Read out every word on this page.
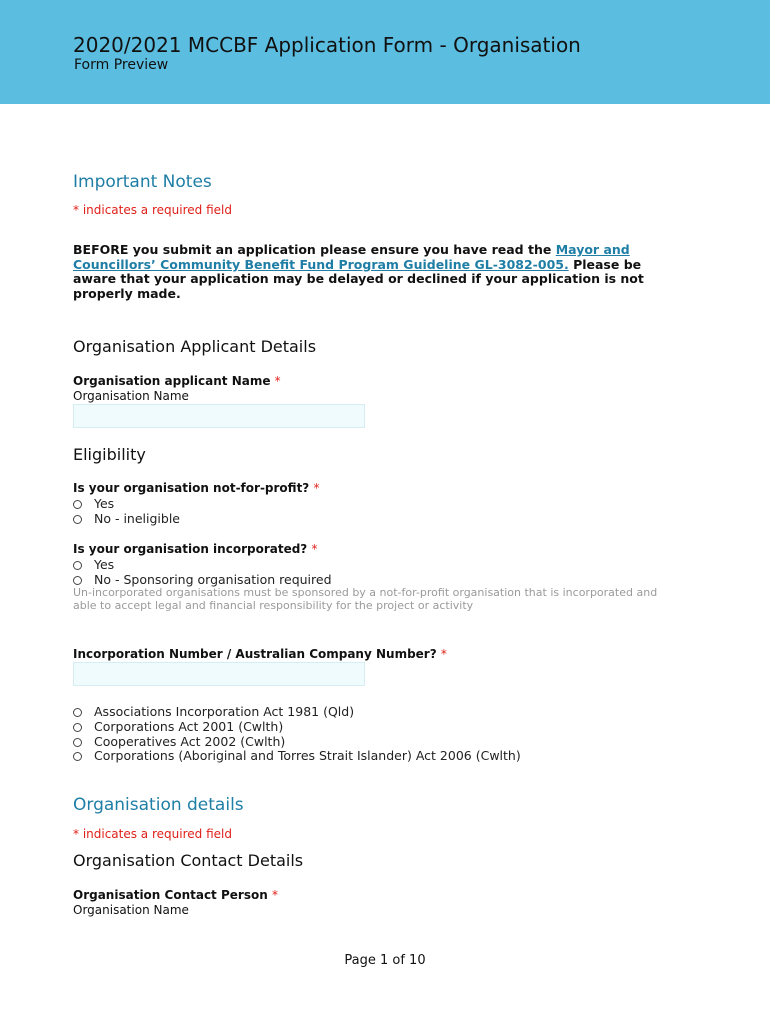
2020/2021 MCCBF Application Form - Organisation
Form Preview
Important Notes
* indicates a required field
BEFORE you submit an application please ensure you have read the Mayor and Councillors’ Community Benefit Fund Program Guideline GL-3082-005. Please be aware that your application may be delayed or declined if your application is not properly made.
Organisation Applicant Details
Organisation applicant Name *
Organisation Name
Eligibility
Is your organisation not-for-profit? *
Yes
No - ineligible
Is your organisation incorporated? *
Yes
No - Sponsoring organisation required
Un-incorporated organisations must be sponsored by a not-for-profit organisation that is incorporated and able to accept legal and financial responsibility for the project or activity
Incorporation Number / Australian Company Number? *
Associations Incorporation Act 1981 (Qld)
Corporations Act 2001 (Cwlth)
Cooperatives Act 2002 (Cwlth)
Corporations (Aboriginal and Torres Strait Islander) Act 2006 (Cwlth)
Organisation details
* indicates a required field
Organisation Contact Details
Organisation Contact Person *
Organisation Name
Page 1 of 10
